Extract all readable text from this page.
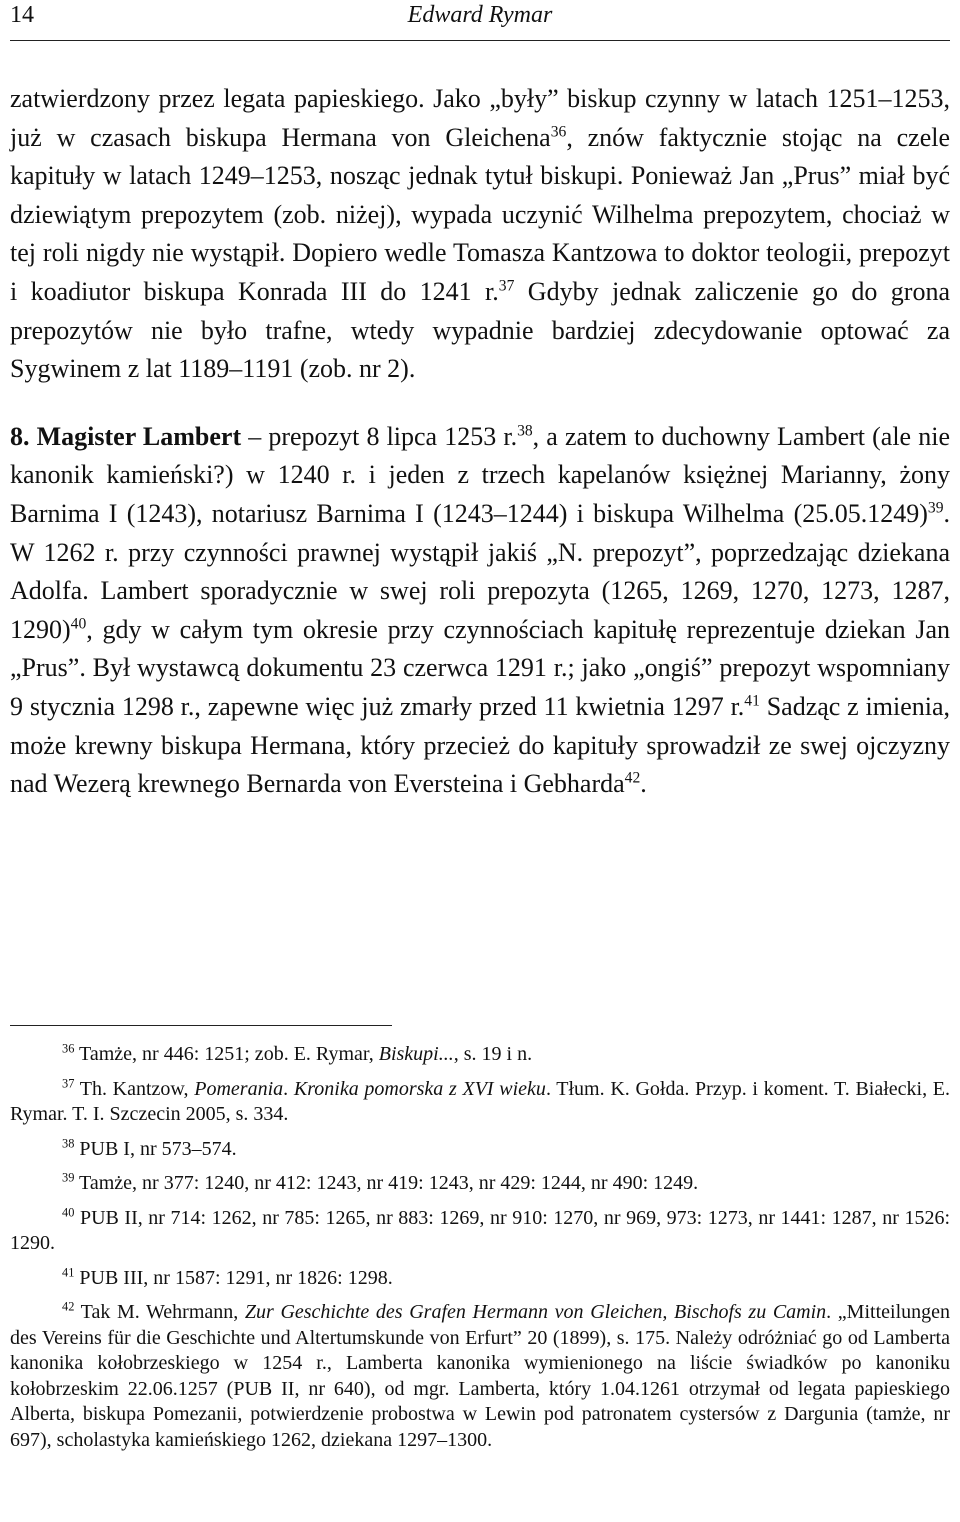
14	Edward Rymar

zatwierdzony przez legata papieskiego. Jako „były” biskup czynny w latach 1251–1253, już w czasach biskupa Hermana von Gleichena$^{36}$, znów faktycznie stojąc na czele kapituły w latach 1249–1253, nosząc jednak tytuł biskupi. Ponieważ Jan „Prus” miał być dziewiątym prepozytem (zob. niżej), wypada uczynić Wilhelma prepozytem, chociaż w tej roli nigdy nie wystąpił. Dopiero wedle Tomasza Kantzowa to doktor teologii, prepozyt i koadiutor biskupa Konrada III do 1241 r.$^{37}$ Gdyby jednak zaliczenie go do grona prepozytów nie było trafne, wtedy wypadnie bardziej zdecydowanie optować za Sygwinem z lat 1189–1191 (zob. nr 2).

8. Magister Lambert – prepozyt 8 lipca 1253 r.$^{38}$, a zatem to duchowny Lambert (ale nie kanonik kamieński?) w 1240 r. i jeden z trzech kapelanów księżnej Marianny, żony Barnima I (1243), notariusz Barnima I (1243–1244) i biskupa Wilhelma $(25.05.1249)^{39}$. W 1262 r. przy czynności prawnej wystąpił jakiś „N. prepozyt”, poprzedzając dziekana Adolfa. Lambert sporadycznie w swej roli prepozyta (1265, 1269, 1270, 1273, 1287, 1290)$^{40}$, gdy w całym tym okresie przy czynnościach kapitułę reprezentuje dziekan Jan „Prus”. Był wystawcą dokumentu 23 czerwca 1291 r.; jako „ongiś” prepozyt wspomniany 9 stycznia 1298 r., zapewne więc już zmarły przed 11 kwietnia 1297 r.$^{41}$ Sadząc z imienia, może krewny biskupa Hermana, który przecież do kapituły sprowadził ze swej ojczyzny nad Wezerą krewnego Bernarda von Eversteina i Gebharda$^{42}$.

$^{36}$ Tamże, nr 446: 1251; zob. E. Rymar, Biskupi..., s. 19 i n.

$^{37}$ Th. Kantzow, Pomerania. Kronika pomorska z XVI wieku. Tłum. K. Gołda. Przyp. i koment. T. Białecki, E. Rymar. T. I. Szczecin 2005, s. 334.

$^{38}$ PUB I, nr 573–574.

$^{39}$ Tamże, nr 377: 1240, nr 412: 1243, nr 419: 1243, nr 429: 1244, nr 490: 1249.

$^{40}$ PUB II, nr 714: 1262, nr 785: 1265, nr 883: 1269, nr 910: 1270, nr 969, 973: 1273, nr 1441: 1287, nr 1526: 1290.

$^{41}$ PUB III, nr 1587: 1291, nr 1826: 1298.

$^{42}$ Tak M. Wehrmann, Zur Geschichte des Grafen Hermann von Gleichen, Bischofs zu Camin. „Mitteilungen des Vereins für die Geschichte und Altertumskunde von Erfurt” 20 (1899), s. 175. Należy odróżniać go od Lamberta kanonika kołobrzeskiego w 1254 r., Lamberta kanonika wymienionego na liście świadków po kanoniku kołobrzeskim 22.06.1257 (PUB II, nr 640), od mgr. Lamberta, który 1.04.1261 otrzymał od legata papieskiego Alberta, biskupa Pomezanii, potwierdzenie probostwa w Lewin pod patronatem cystersów z Dargunia (tamże, nr 697), scholastyka kamieńskiego 1262, dziekana 1297–1300.
